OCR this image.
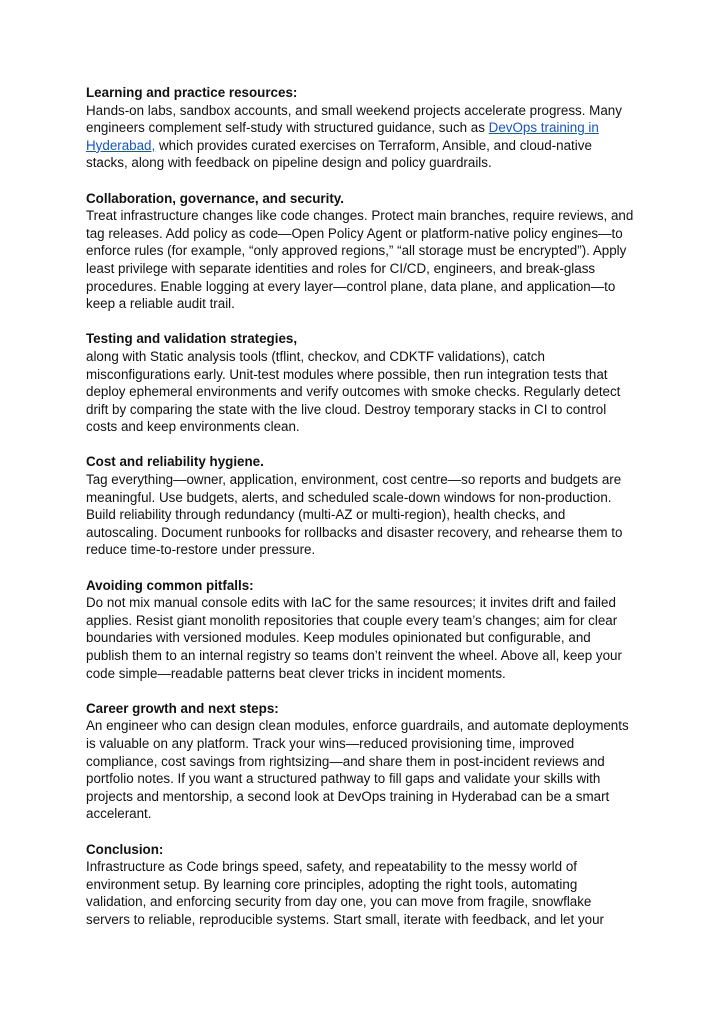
Learning and practice resources:
Hands-on labs, sandbox accounts, and small weekend projects accelerate progress. Many engineers complement self-study with structured guidance, such as DevOps training in Hyderabad, which provides curated exercises on Terraform, Ansible, and cloud-native stacks, along with feedback on pipeline design and policy guardrails.
Collaboration, governance, and security.
Treat infrastructure changes like code changes. Protect main branches, require reviews, and tag releases. Add policy as code—Open Policy Agent or platform-native policy engines—to enforce rules (for example, “only approved regions,” “all storage must be encrypted”). Apply least privilege with separate identities and roles for CI/CD, engineers, and break-glass procedures. Enable logging at every layer—control plane, data plane, and application—to keep a reliable audit trail.
Testing and validation strategies,
along with Static analysis tools (tflint, checkov, and CDKTF validations), catch misconfigurations early. Unit-test modules where possible, then run integration tests that deploy ephemeral environments and verify outcomes with smoke checks. Regularly detect drift by comparing the state with the live cloud. Destroy temporary stacks in CI to control costs and keep environments clean.
Cost and reliability hygiene.
Tag everything—owner, application, environment, cost centre—so reports and budgets are meaningful. Use budgets, alerts, and scheduled scale-down windows for non-production. Build reliability through redundancy (multi-AZ or multi-region), health checks, and autoscaling. Document runbooks for rollbacks and disaster recovery, and rehearse them to reduce time-to-restore under pressure.
Avoiding common pitfalls:
Do not mix manual console edits with IaC for the same resources; it invites drift and failed applies. Resist giant monolith repositories that couple every team’s changes; aim for clear boundaries with versioned modules. Keep modules opinionated but configurable, and publish them to an internal registry so teams don’t reinvent the wheel. Above all, keep your code simple—readable patterns beat clever tricks in incident moments.
Career growth and next steps:
An engineer who can design clean modules, enforce guardrails, and automate deployments is valuable on any platform. Track your wins—reduced provisioning time, improved compliance, cost savings from rightsizing—and share them in post-incident reviews and portfolio notes. If you want a structured pathway to fill gaps and validate your skills with projects and mentorship, a second look at DevOps training in Hyderabad can be a smart accelerant.
Conclusion:
Infrastructure as Code brings speed, safety, and repeatability to the messy world of environment setup. By learning core principles, adopting the right tools, automating validation, and enforcing security from day one, you can move from fragile, snowflake servers to reliable, reproducible systems. Start small, iterate with feedback, and let your
